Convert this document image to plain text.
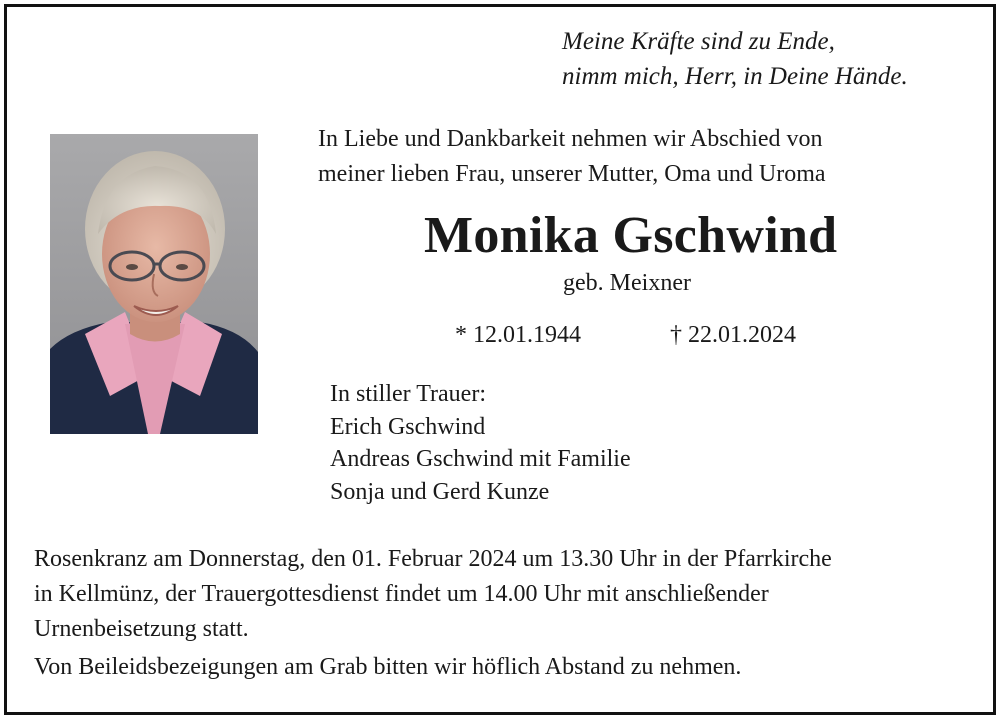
Meine Kräfte sind zu Ende,
nimm mich, Herr, in Deine Hände.
In Liebe und Dankbarkeit nehmen wir Abschied von
meiner lieben Frau, unserer Mutter, Oma und Uroma
Monika Gschwind
geb. Meixner
* 12.01.1944	† 22.01.2024
In stiller Trauer:
Erich Gschwind
Andreas Gschwind mit Familie
Sonja und Gerd Kunze
Rosenkranz am Donnerstag, den 01. Februar 2024 um 13.30 Uhr in der Pfarrkirche
in Kellmünz, der Trauergottesdienst findet um 14.00 Uhr mit anschließender
Urnenbeisetzung statt.
Von Beileidsbezeigungen am Grab bitten wir höflich Abstand zu nehmen.
